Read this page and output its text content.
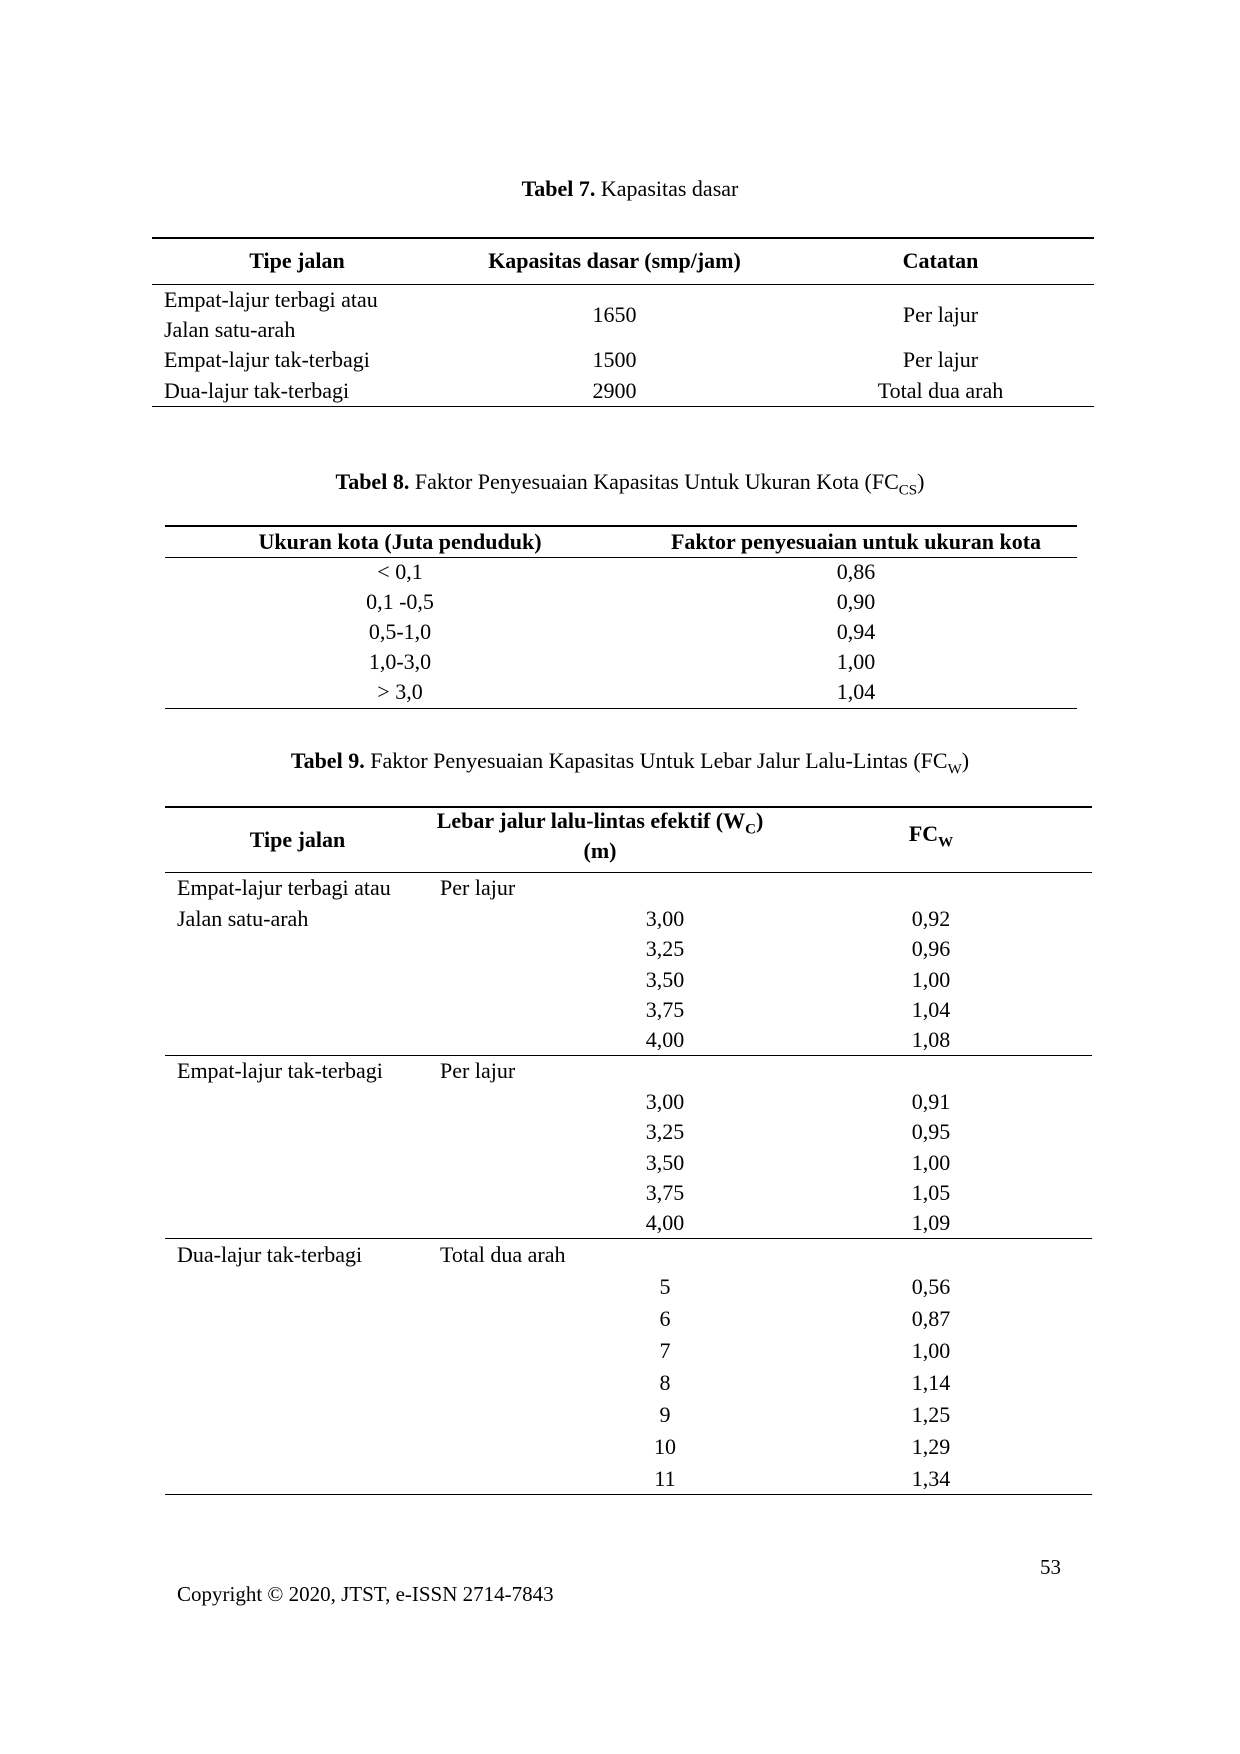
Tabel 7. Kapasitas dasar
Tipe jalan	Kapasitas dasar (smp/jam)	Catatan

Empat-lajur terbagi atau
Jalan satu-arah	1650	Per lajur
Empat-lajur tak-terbagi	1500	Per lajur
Dua-lajur tak-terbagi	2900	Total dua arah
Tabel 8. Faktor Penyesuaian Kapasitas Untuk Ukuran Kota $(FC_{CS})$
Ukuran kota (Juta penduduk)	Faktor penyesuaian untuk ukuran kota
< 0,1	0,86
0,1 -0,5	0,90
0,5-1,0	0,94
1,0-3,0	1,00
> 3,0	1,04
Tabel 9. Faktor Penyesuaian Kapasitas Untuk Lebar Jalur Lalu-Lintas $(FC_W)$
Tipe jalan	Lebar jalur lalu-lintas efektif $(W_C)$ (m)		$FC_W$
Empat-lajur terbagi atau	Per lajur		
Jalan satu-arah		3,00	0,92
		3,25	0,96
		3,50	1,00
		3,75	1,04
		4,00	1,08
Empat-lajur tak-terbagi	Per lajur		
		3,00	0,91
		3,25	0,95
		3,50	1,00
		3,75	1,05
		4,00	1,09
Dua-lajur tak-terbagi	Total dua arah		
		5	0,56
		6	0,87
		7	1,00
		8	1,14
		9	1,25
		10	1,29
		11	1,34
53
Copyright © 2020, JTST, e-ISSN 2714-7843
